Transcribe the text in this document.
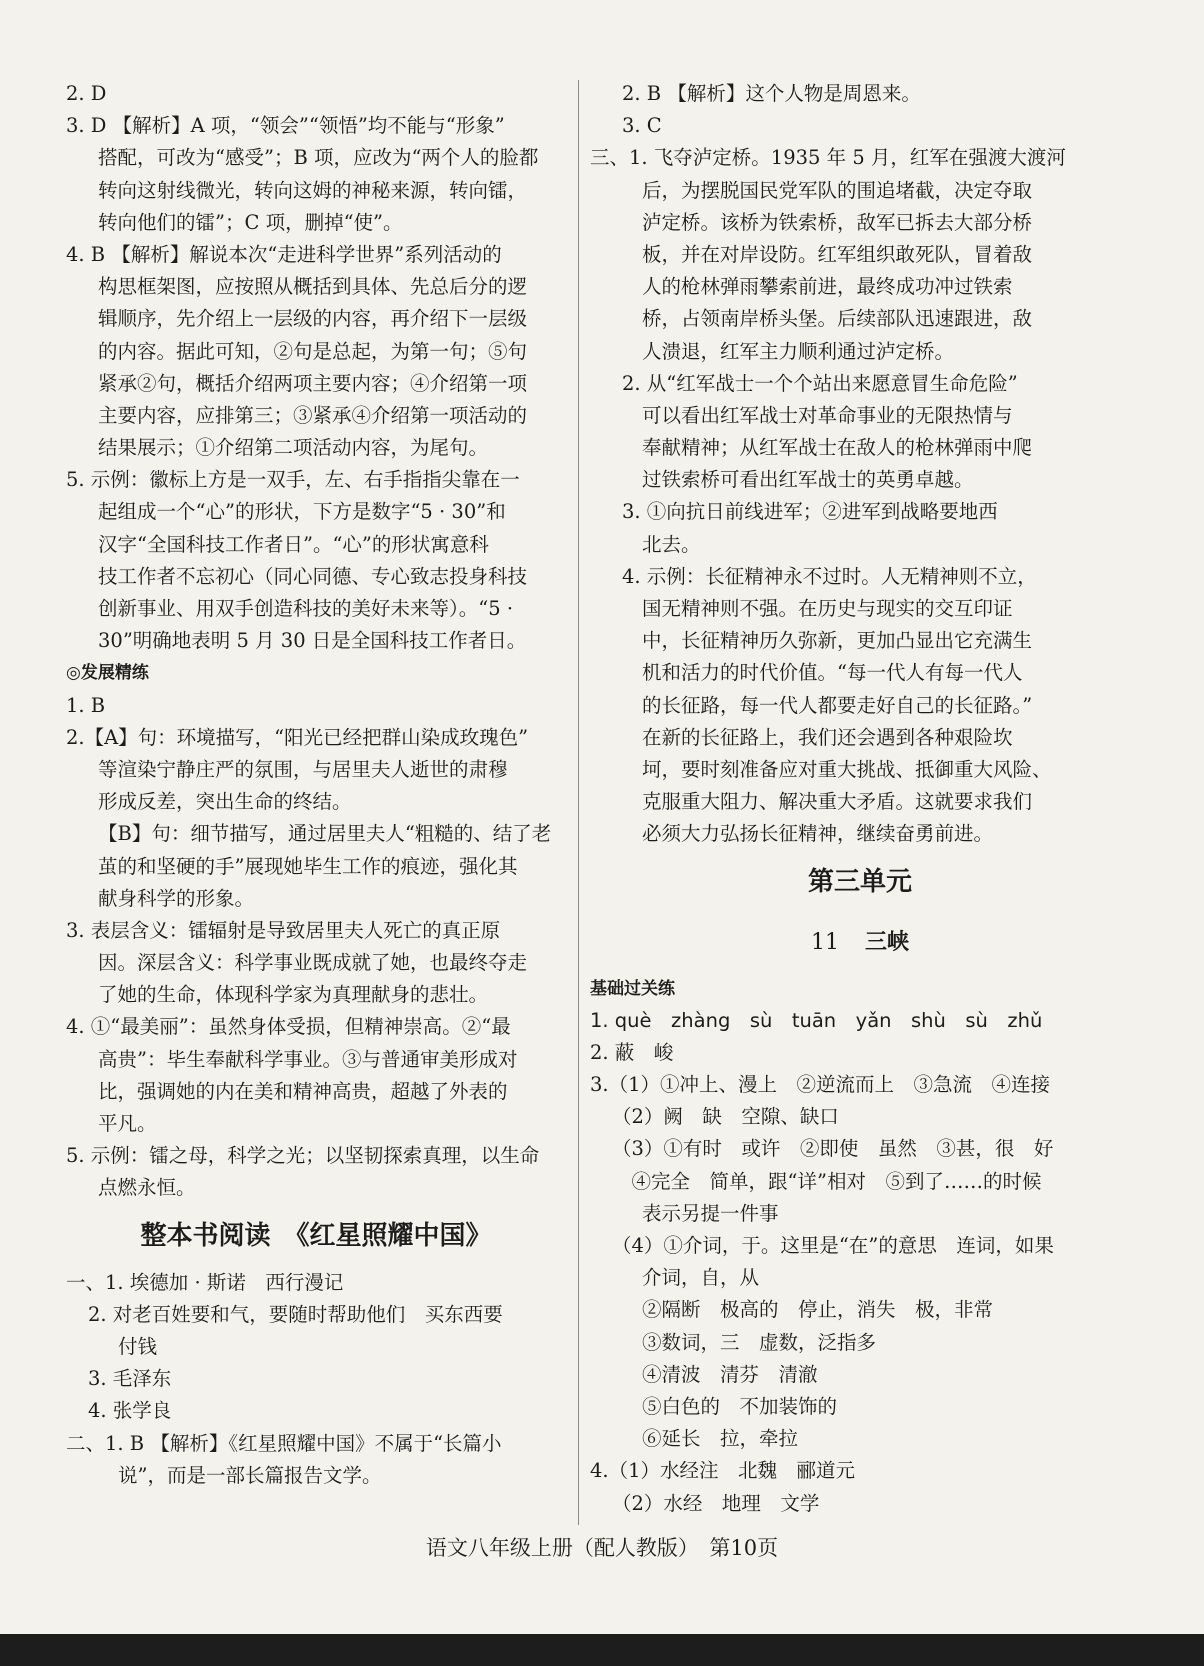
2. D
3. D 【解析】A 项，“领会”“领悟”均不能与“形象”
搭配，可改为“感受”；B 项，应改为“两个人的脸都
转向这射线微光，转向这姆的神秘来源，转向镭，
转向他们的镭”；C 项，删掉“使”。
4. B 【解析】解说本次“走进科学世界”系列活动的
构思框架图，应按照从概括到具体、先总后分的逻
辑顺序，先介绍上一层级的内容，再介绍下一层级
的内容。据此可知，②句是总起，为第一句；⑤句
紧承②句，概括介绍两项主要内容；④介绍第一项
主要内容，应排第三；③紧承④介绍第一项活动的
结果展示；①介绍第二项活动内容，为尾句。
5. 示例：徽标上方是一双手，左、右手指指尖靠在一
起组成一个“心”的形状，下方是数字“5 · 30”和
汉字“全国科技工作者日”。“心”的形状寓意科
技工作者不忘初心（同心同德、专心致志投身科技
创新事业、用双手创造科技的美好未来等）。“5 ·
30”明确地表明 5 月 30 日是全国科技工作者日。
◎发展精练
1. B
2.【A】句：环境描写，“阳光已经把群山染成玫瑰色”
等渲染宁静庄严的氛围，与居里夫人逝世的肃穆
形成反差，突出生命的终结。
【B】句：细节描写，通过居里夫人“粗糙的、结了老
茧的和坚硬的手”展现她毕生工作的痕迹，强化其
献身科学的形象。
3. 表层含义：镭辐射是导致居里夫人死亡的真正原
因。深层含义：科学事业既成就了她，也最终夺走
了她的生命，体现科学家为真理献身的悲壮。
4. ①“最美丽”：虽然身体受损，但精神崇高。②“最
高贵”：毕生奉献科学事业。③与普通审美形成对
比，强调她的内在美和精神高贵，超越了外表的
平凡。
5. 示例：镭之母，科学之光；以坚韧探索真理，以生命
点燃永恒。
整本书阅读　《红星照耀中国》
一、1. 埃德加 · 斯诺　西行漫记
2. 对老百姓要和气，要随时帮助他们　买东西要
付钱
3. 毛泽东
4. 张学良
二、1. B 【解析】《红星照耀中国》不属于“长篇小
说”，而是一部长篇报告文学。
2. B 【解析】这个人物是周恩来。
3. C
三、1. 飞夺泸定桥。1935 年 5 月，红军在强渡大渡河
后，为摆脱国民党军队的围追堵截，决定夺取
泸定桥。该桥为铁索桥，敌军已拆去大部分桥
板，并在对岸设防。红军组织敢死队，冒着敌
人的枪林弹雨攀索前进，最终成功冲过铁索
桥，占领南岸桥头堡。后续部队迅速跟进，敌
人溃退，红军主力顺利通过泸定桥。
2. 从“红军战士一个个站出来愿意冒生命危险”
可以看出红军战士对革命事业的无限热情与
奉献精神；从红军战士在敌人的枪林弹雨中爬
过铁索桥可看出红军战士的英勇卓越。
3. ①向抗日前线进军；②进军到战略要地西
北去。
4. 示例：长征精神永不过时。人无精神则不立，
国无精神则不强。在历史与现实的交互印证
中，长征精神历久弥新，更加凸显出它充满生
机和活力的时代价值。“每一代人有每一代人
的长征路，每一代人都要走好自己的长征路。”
在新的长征路上，我们还会遇到各种艰险坎
坷，要时刻准备应对重大挑战、抵御重大风险、
克服重大阻力、解决重大矛盾。这就要求我们
必须大力弘扬长征精神，继续奋勇前进。
第三单元
11 三峡
基础过关练
1. què　zhàng　sù　tuān　yǎn　shù　sù　zhǔ
2. 蔽　峻
3.（1）①冲上、漫上　②逆流而上　③急流　④连接
（2）阙　缺　空隙、缺口
（3）①有时　或许　②即使　虽然　③甚，很　好
　④完全　简单，跟“详”相对　⑤到了……的时候
表示另提一件事
（4）①介词，于。这里是“在”的意思　连词，如果
介词，自，从
②隔断　极高的　停止，消失　极，非常
③数词，三　虚数，泛指多
④清波　清芬　清澈
⑤白色的　不加装饰的
⑥延长　拉，牵拉
4.（1）水经注　北魏　郦道元
（2）水经　地理　文学
语文八年级上册（配人教版）　第10页
